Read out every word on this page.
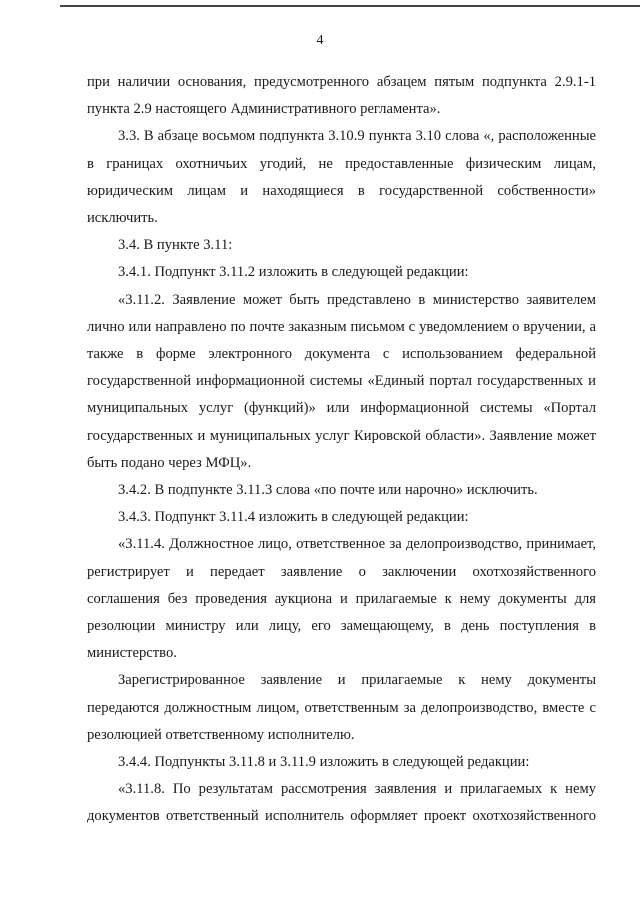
4

при наличии основания, предусмотренного абзацем пятым подпункта 2.9.1-1 пункта 2.9 настоящего Административного регламента».

3.3. В абзаце восьмом подпункта 3.10.9 пункта 3.10 слова «, расположенные в границах охотничьих угодий, не предоставленные физическим лицам, юридическим лицам и находящиеся в государственной собственности» исключить.

3.4. В пункте 3.11:

3.4.1. Подпункт 3.11.2 изложить в следующей редакции:

«3.11.2. Заявление может быть представлено в министерство заявителем лично или направлено по почте заказным письмом с уведомлением о вручении, а также в форме электронного документа с использованием федеральной государственной информационной системы «Единый портал государственных и муниципальных услуг (функций)» или информационной системы «Портал государственных и муниципальных услуг Кировской области». Заявление может быть подано через МФЦ».

3.4.2. В подпункте 3.11.3 слова «по почте или нарочно» исключить.

3.4.3. Подпункт 3.11.4 изложить в следующей редакции:

«3.11.4. Должностное лицо, ответственное за делопроизводство, принимает, регистрирует и передает заявление о заключении охотхозяйственного соглашения без проведения аукциона и прилагаемые к нему документы для резолюции министру или лицу, его замещающему, в день поступления в министерство.

Зарегистрированное заявление и прилагаемые к нему документы передаются должностным лицом, ответственным за делопроизводство, вместе с резолюцией ответственному исполнителю.

3.4.4. Подпункты 3.11.8 и 3.11.9 изложить в следующей редакции:

«3.11.8. По результатам рассмотрения заявления и прилагаемых к нему документов ответственный исполнитель оформляет проект охотхозяйственного
